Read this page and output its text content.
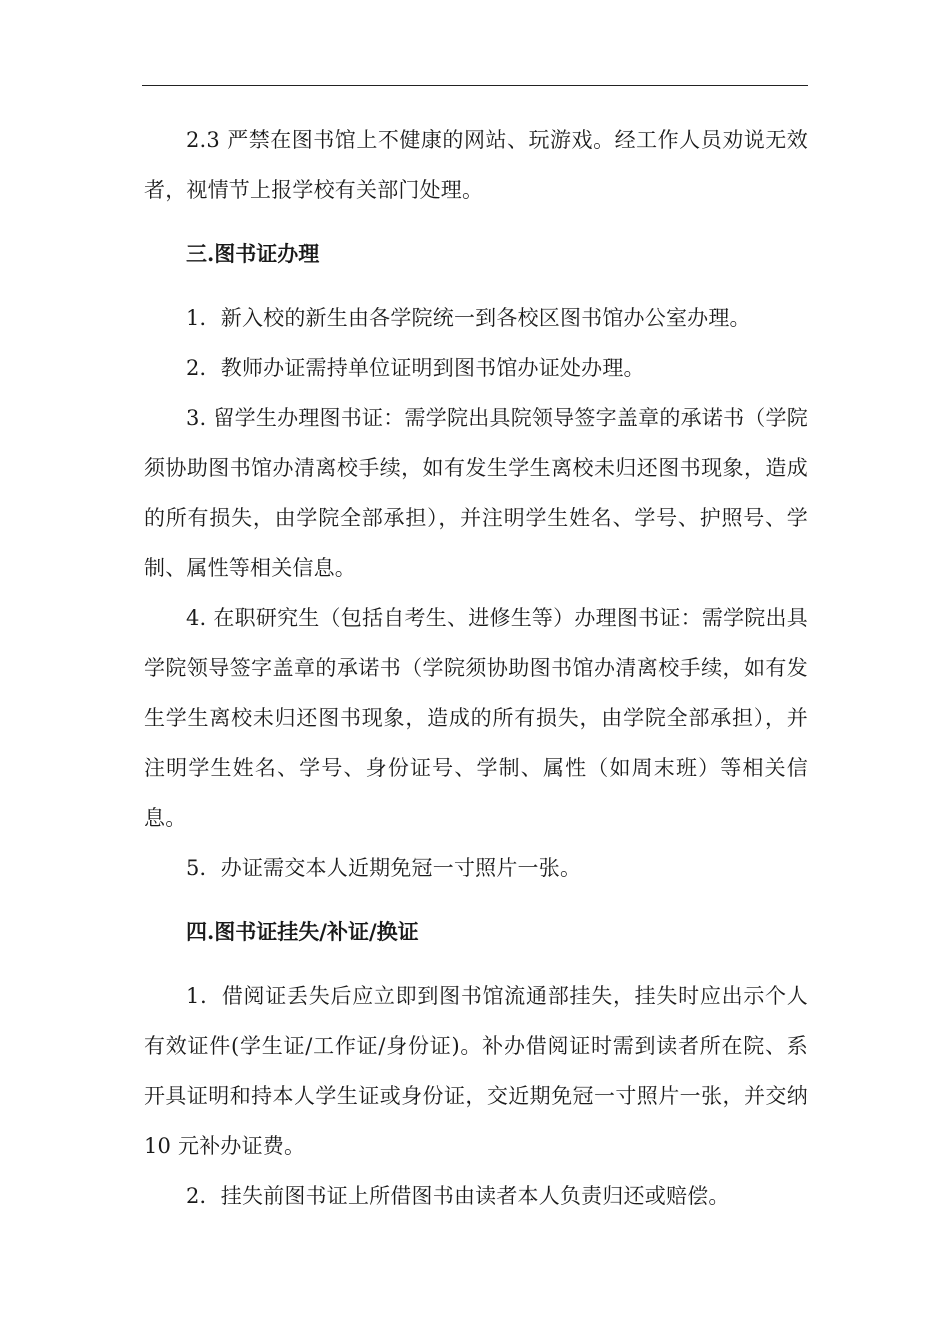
2.3 严禁在图书馆上不健康的网站、玩游戏。经工作人员劝说无效者，视情节上报学校有关部门处理。

三.图书证办理

1．新入校的新生由各学院统一到各校区图书馆办公室办理。

2．教师办证需持单位证明到图书馆办证处办理。

3. 留学生办理图书证：需学院出具院领导签字盖章的承诺书（学院须协助图书馆办清离校手续，如有发生学生离校未归还图书现象，造成的所有损失，由学院全部承担），并注明学生姓名、学号、护照号、学制、属性等相关信息。

4. 在职研究生（包括自考生、进修生等）办理图书证：需学院出具学院领导签字盖章的承诺书（学院须协助图书馆办清离校手续，如有发生学生离校未归还图书现象，造成的所有损失，由学院全部承担），并注明学生姓名、学号、身份证号、学制、属性（如周末班）等相关信息。

5．办证需交本人近期免冠一寸照片一张。

四.图书证挂失/补证/换证

1．借阅证丢失后应立即到图书馆流通部挂失，挂失时应出示个人有效证件(学生证/工作证/身份证)。补办借阅证时需到读者所在院、系开具证明和持本人学生证或身份证，交近期免冠一寸照片一张，并交纳 10 元补办证费。

2．挂失前图书证上所借图书由读者本人负责归还或赔偿。
